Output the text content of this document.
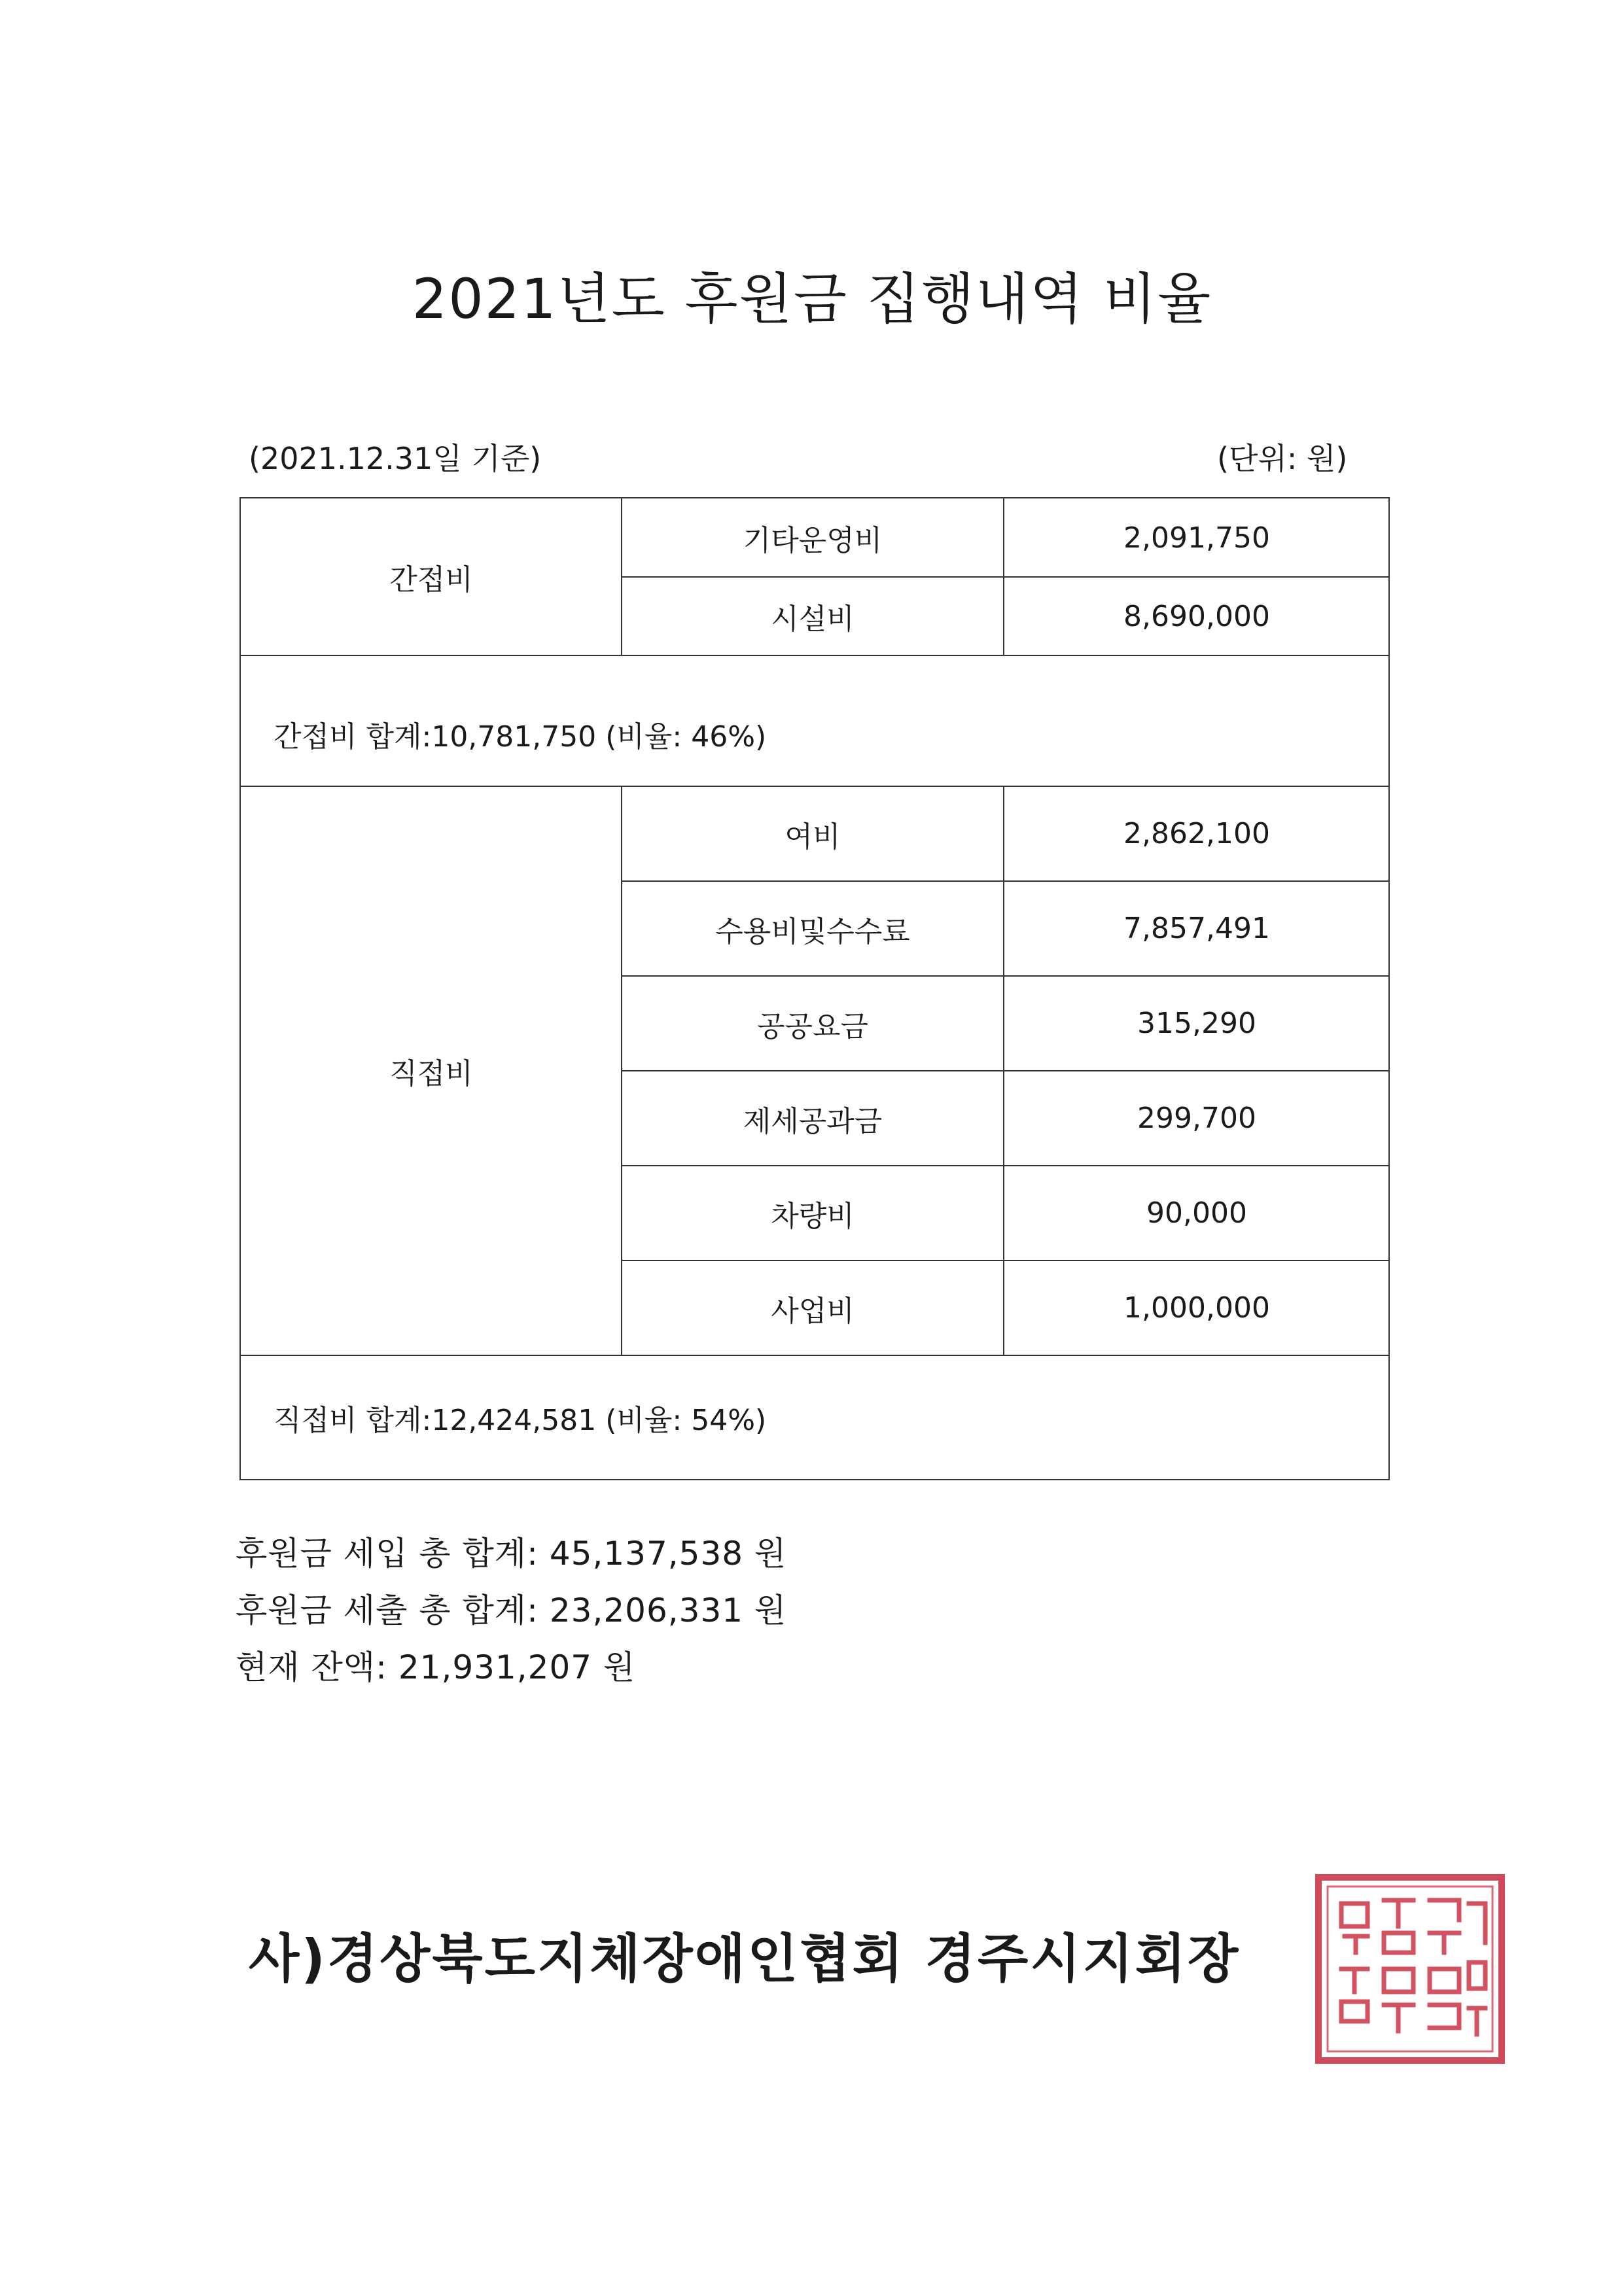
2021년도 후원금 집행내역 비율
(2021.12.31일 기준)	(단위: 원)
간접비
기타운영비	2,091,750
시설비	8,690,000
간접비 합계:10,781,750 (비율: 46%)
직접비
여비	2,862,100
수용비및수수료	7,857,491
공공요금	315,290
제세공과금	299,700
차량비	90,000
사업비	1,000,000
직접비 합계:12,424,581 (비율: 54%)
후원금 세입 총 합계: 45,137,538 원
후원금 세출 총 합계: 23,206,331 원
현재 잔액: 21,931,207 원
사)경상북도지체장애인협회 경주시지회장
